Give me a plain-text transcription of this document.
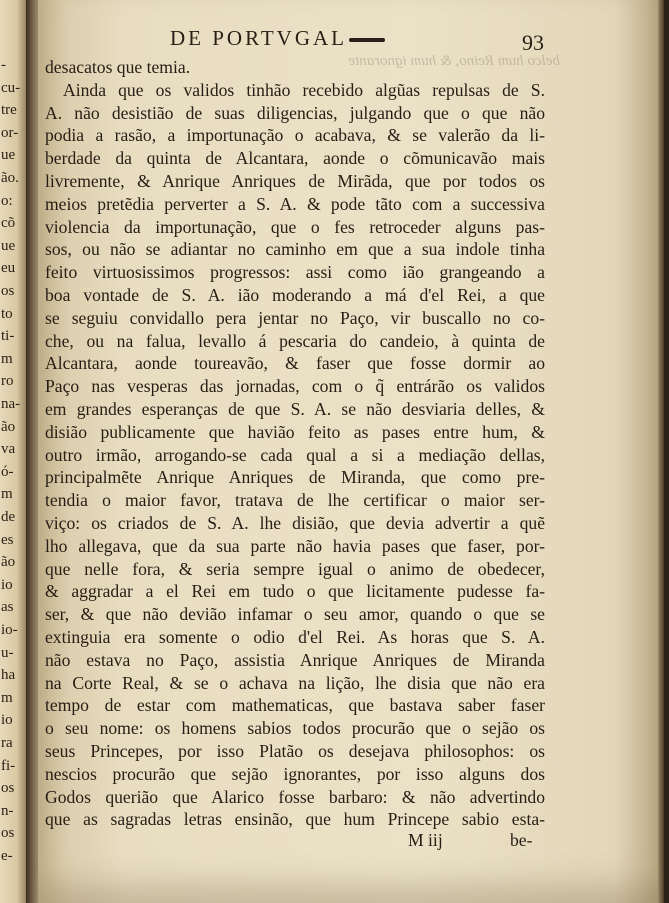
-
cu-
tre
or-
ue
ão.
o:
cõ
ue
eu
os
to
ti-
m
ro
na-
ão
va
ó-
m
de
es
ão
io
as
io-
u-
ha
m
io
ra
fi-
os
n-
os
e-
belco hum Reino, & hum ignorante
DE PORTVGAL	93
desacatos que temia.
Ainda que os validos tinhão recebido algũas repulsas de S.
A. não desistião de suas diligencias, julgando que o que não
podia a rasão, a importunação o acabava, & se valerão da li-
berdade da quinta de Alcantara, aonde o cõmunicavão mais
livremente, & Anrique Anriques de Mirãda, que por todos os
meios pretẽdia perverter a S. A. & pode tãto com a successiva
violencia da importunação, que o fes retroceder alguns pas-
sos, ou não se adiantar no caminho em que a sua indole tinha
feito virtuosissimos progressos: assi como ião grangeando a
boa vontade de S. A. ião moderando a má d'el Rei, a que
se seguiu convidallo pera jentar no Paço, vir buscallo no co-
che, ou na falua, levallo á pescaria do candeio, à quinta de
Alcantara, aonde toureavão, & faser que fosse dormir ao
Paço nas vesperas das jornadas, com o q̃ entrárão os validos
em grandes esperanças de que S. A. se não desviaria delles, &
disião publicamente que havião feito as pases entre hum, &
outro irmão, arrogando-se cada qual a si a mediação dellas,
principalmẽte Anrique Anriques de Miranda, que como pre-
tendia o maior favor, tratava de lhe certificar o maior ser-
viço: os criados de S. A. lhe disião, que devia advertir a quẽ
lho allegava, que da sua parte não havia pases que faser, por-
que nelle fora, & seria sempre igual o animo de obedecer,
& aggradar a el Rei em tudo o que licitamente pudesse fa-
ser, & que não devião infamar o seu amor, quando o que se
extinguia era somente o odio d'el Rei. As horas que S. A.
não estava no Paço, assistia Anrique Anriques de Miranda
na Corte Real, & se o achava na lição, lhe disia que não era
tempo de estar com mathematicas, que bastava saber faser
o seu nome: os homens sabios todos procurão que o sejão os
seus Princepes, por isso Platão os desejava philosophos: os
nescios procurão que sejão ignorantes, por isso alguns dos
Godos querião que Alarico fosse barbaro: & não advertindo
que as sagradas letras ensinão, que hum Princepe sabio esta-
M iij	be-
